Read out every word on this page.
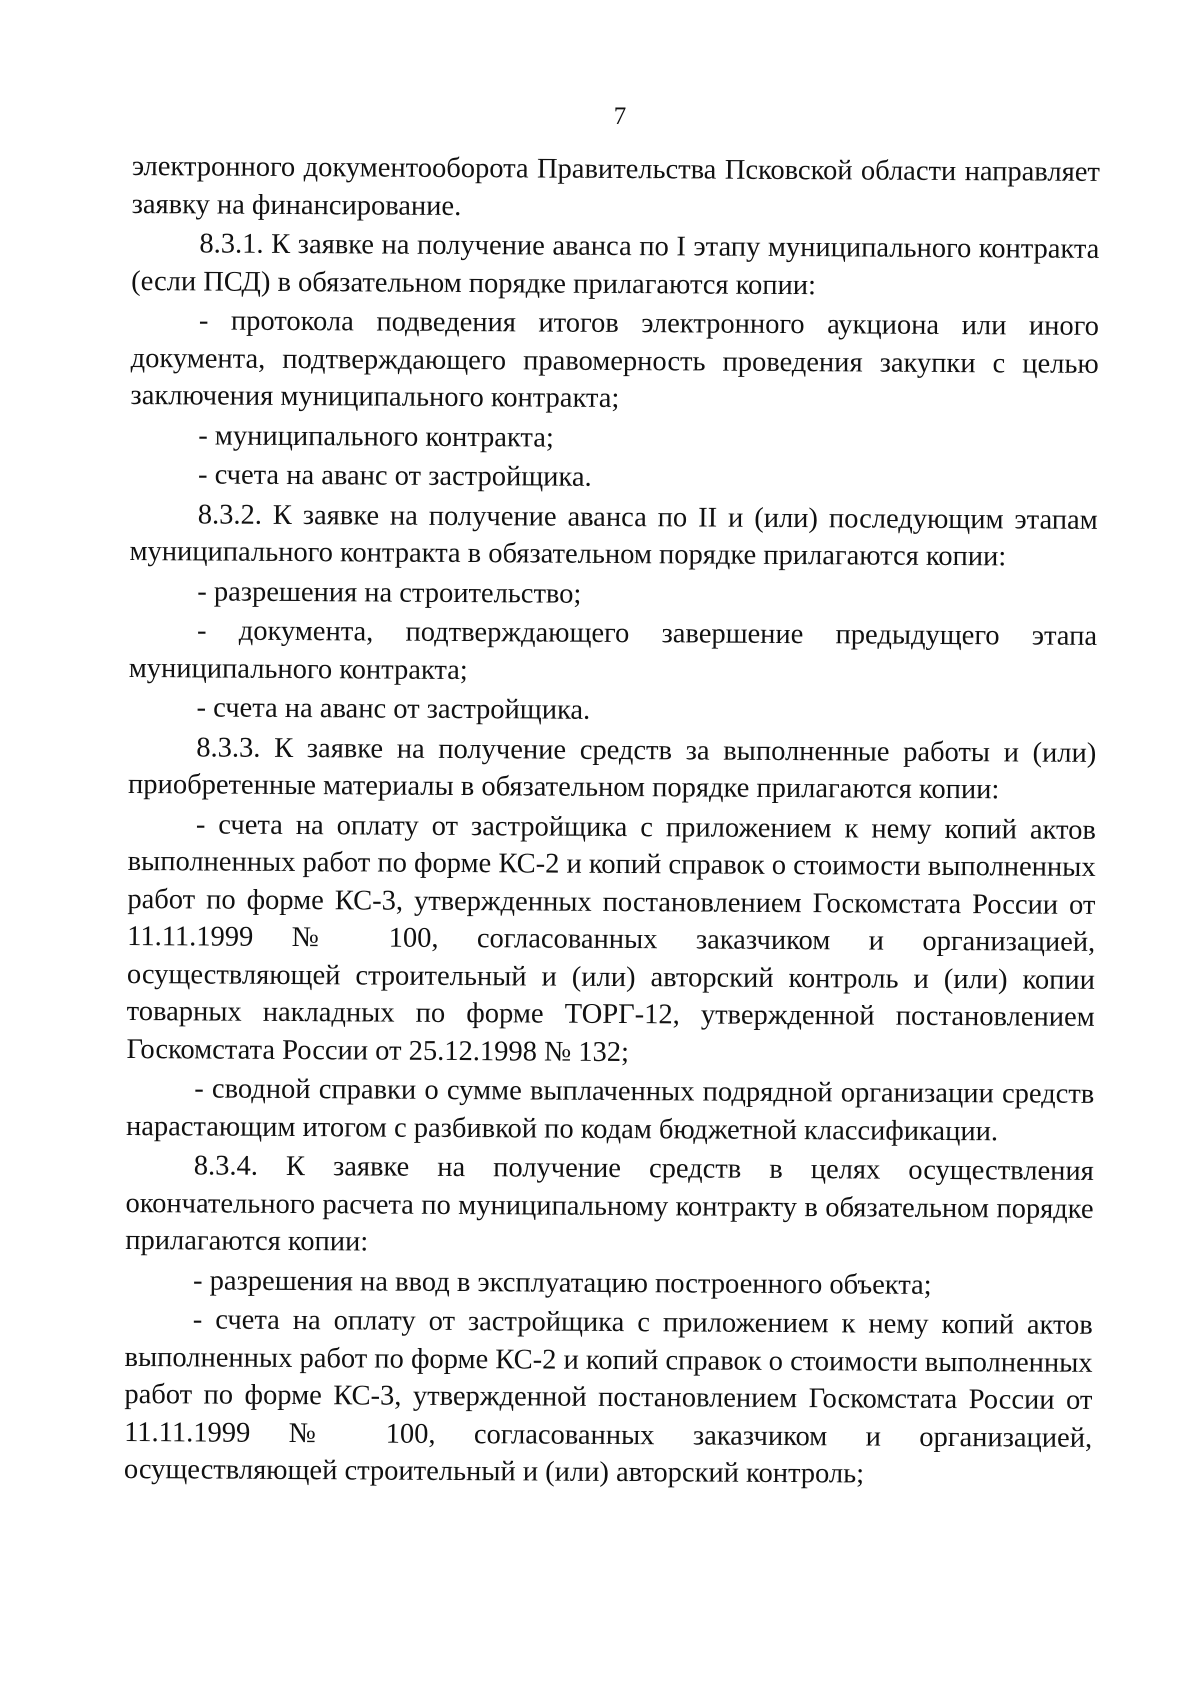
7

электронного документооборота Правительства Псковской области направляет заявку на финансирование.

8.3.1. К заявке на получение аванса по I этапу муниципального контракта (если ПСД) в обязательном порядке прилагаются копии:

- протокола подведения итогов электронного аукциона или иного документа, подтверждающего правомерность проведения закупки с целью заключения муниципального контракта;

- муниципального контракта;

- счета на аванс от застройщика.

8.3.2. К заявке на получение аванса по II и (или) последующим этапам муниципального контракта в обязательном порядке прилагаются копии:

- разрешения на строительство;

- документа, подтверждающего завершение предыдущего этапа муниципального контракта;

- счета на аванс от застройщика.

8.3.3. К заявке на получение средств за выполненные работы и (или) приобретенные материалы в обязательном порядке прилагаются копии:

- счета на оплату от застройщика с приложением к нему копий актов выполненных работ по форме КС-2 и копий справок о стоимости выполненных работ по форме КС-3, утвержденных постановлением Госкомстата России от 11.11.1999 № 100, согласованных заказчиком и организацией, осуществляющей строительный и (или) авторский контроль и (или) копии товарных накладных по форме ТОРГ-12, утвержденной постановлением Госкомстата России от 25.12.1998 № 132;

- сводной справки о сумме выплаченных подрядной организации средств нарастающим итогом с разбивкой по кодам бюджетной классификации.

8.3.4. К заявке на получение средств в целях осуществления окончательного расчета по муниципальному контракту в обязательном порядке прилагаются копии:

- разрешения на ввод в эксплуатацию построенного объекта;

- счета на оплату от застройщика с приложением к нему копий актов выполненных работ по форме КС-2 и копий справок о стоимости выполненных работ по форме КС-3, утвержденной постановлением Госкомстата России от 11.11.1999 № 100, согласованных заказчиком и организацией, осуществляющей строительный и (или) авторский контроль;
